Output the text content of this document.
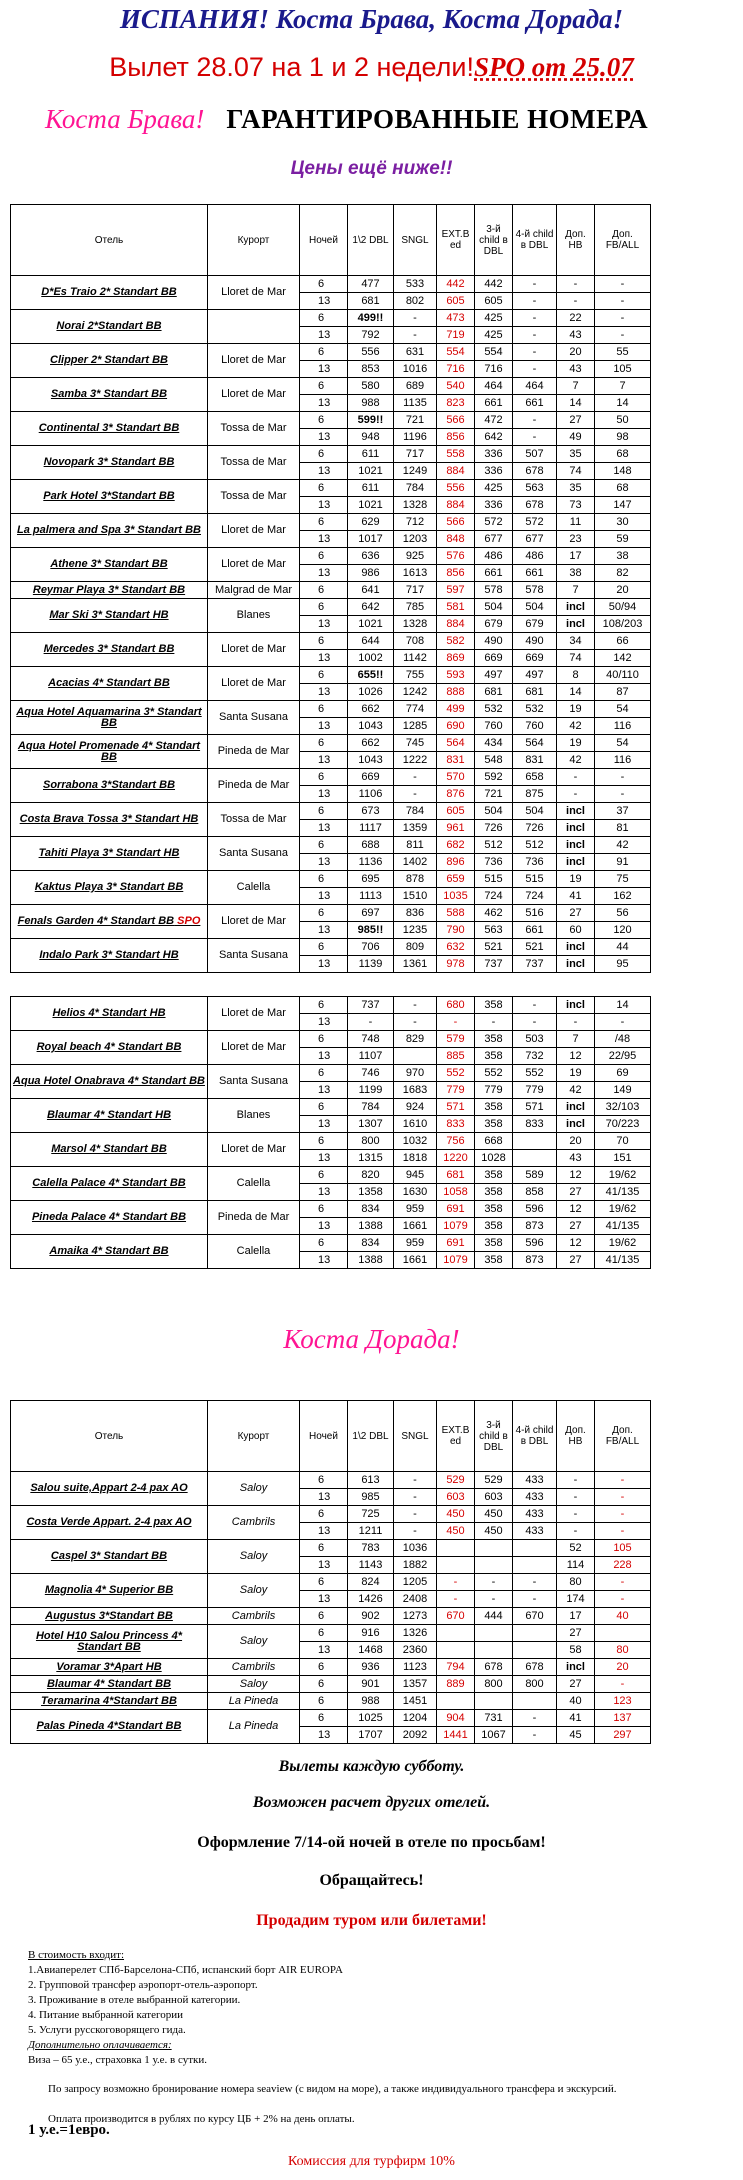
ИСПАНИЯ! Коста Брава, Коста Дорада!
Вылет 28.07 на 1 и 2 недели!SPO от 25.07
Коста Брава! ГАРАНТИРОВАННЫЕ НОМЕРА
Цены ещё ниже!!
Отель	Курорт	Ночей	1\2 DBL	SNGL	EXT.B ed	3-й child в DBL	4-й child в DBL	Доп. HB	Доп. FB/ALL
D*Es Traio 2* Standart BB	Lloret de Mar	6	477	533	442	442	-	-	-
		13	681	802	605	605	-	-	-
Norai 2*Standart BB		6	499!!	-	473	425	-	22	-
		13	792	-	719	425	-	43	-
Clipper 2* Standart BB	Lloret de Mar	6	556	631	554	554	-	20	55
		13	853	1016	716	716	-	43	105
Samba 3* Standart BB	Lloret de Mar	6	580	689	540	464	464	7	7
		13	988	1135	823	661	661	14	14
Continental 3* Standart BB	Tossa de Mar	6	599!!	721	566	472	-	27	50
		13	948	1196	856	642	-	49	98
Novopark 3* Standart BB	Tossa de Mar	6	611	717	558	336	507	35	68
		13	1021	1249	884	336	678	74	148
Park Hotel 3*Standart BB	Tossa de Mar	6	611	784	556	425	563	35	68
		13	1021	1328	884	336	678	73	147
La palmera and Spa 3* Standart BB	Lloret de Mar	6	629	712	566	572	572	11	30
		13	1017	1203	848	677	677	23	59
Athene 3* Standart BB	Lloret de Mar	6	636	925	576	486	486	17	38
		13	986	1613	856	661	661	38	82
Reymar Playa 3* Standart BB	Malgrad de Mar	6	641	717	597	578	578	7	20
Mar Ski 3* Standart HB	Blanes	6	642	785	581	504	504	incl	50/94
		13	1021	1328	884	679	679	incl	108/203
Mercedes 3* Standart BB	Lloret de Mar	6	644	708	582	490	490	34	66
		13	1002	1142	869	669	669	74	142
Acacias 4* Standart BB	Lloret de Mar	6	655!!	755	593	497	497	8	40/110
		13	1026	1242	888	681	681	14	87
Aqua Hotel Aquamarina 3* Standart BB	Santa Susana	6	662	774	499	532	532	19	54
		13	1043	1285	690	760	760	42	116
Aqua Hotel Promenade 4* Standart BB	Pineda de Mar	6	662	745	564	434	564	19	54
		13	1043	1222	831	548	831	42	116
Sorrabona 3*Standart BB	Pineda de Mar	6	669	-	570	592	658	-	-
		13	1106	-	876	721	875	-	-
Costa Brava Tossa 3* Standart HB	Tossa de Mar	6	673	784	605	504	504	incl	37
		13	1117	1359	961	726	726	incl	81
Tahiti Playa 3* Standart HB	Santa Susana	6	688	811	682	512	512	incl	42
		13	1136	1402	896	736	736	incl	91
Kaktus Playa 3* Standart BB	Calella	6	695	878	659	515	515	19	75
		13	1113	1510	1035	724	724	41	162
Fenals Garden 4* Standart BB SPO	Lloret de Mar	6	697	836	588	462	516	27	56
		13	985!!	1235	790	563	661	60	120
Indalo Park 3* Standart HB	Santa Susana	6	706	809	632	521	521	incl	44
		13	1139	1361	978	737	737	incl	95
Helios 4* Standart HB	Lloret de Mar	6	737	-	680	358	-	incl	14
		13	-	-	-	-	-	-	-
Royal beach 4* Standart BB	Lloret de Mar	6	748	829	579	358	503	7	/48
		13	1107		885	358	732	12	22/95
Aqua Hotel Onabrava 4* Standart BB	Santa Susana	6	746	970	552	552	552	19	69
		13	1199	1683	779	779	779	42	149
Blaumar 4* Standart HB	Blanes	6	784	924	571	358	571	incl	32/103
		13	1307	1610	833	358	833	incl	70/223
Marsol 4* Standart BB	Lloret de Mar	6	800	1032	756	668		20	70
		13	1315	1818	1220	1028		43	151
Calella Palace 4* Standart BB	Calella	6	820	945	681	358	589	12	19/62
		13	1358	1630	1058	358	858	27	41/135
Pineda Palace 4* Standart BB	Pineda de Mar	6	834	959	691	358	596	12	19/62
		13	1388	1661	1079	358	873	27	41/135
Amaika 4* Standart BB	Calella	6	834	959	691	358	596	12	19/62
		13	1388	1661	1079	358	873	27	41/135
Коста Дорада!
Отель	Курорт	Ночей	1\2 DBL	SNGL	EXT.B ed	3-й child в DBL	4-й child в DBL	Доп. HB	Доп. FB/ALL
Salou suite,Appart 2-4 pax AO	Saloy	6	613	-	529	529	433	-	-
		13	985	-	603	603	433	-	-
Costa Verde Appart. 2-4 pax AO	Cambrils	6	725	-	450	450	433	-	-
		13	1211	-	450	450	433	-	-
Caspel 3* Standart BB	Saloy	6	783	1036				52	105
		13	1143	1882				114	228
Magnolia 4* Superior BB	Saloy	6	824	1205	-	-	-	80	-
		13	1426	2408	-	-	-	174	-
Augustus 3*Standart BB	Cambrils	6	902	1273	670	444	670	17	40
Hotel H10 Salou Princess 4* Standart BB	Saloy	6	916	1326				27	
		13	1468	2360				58	80
Voramar 3*Apart HB	Cambrils	6	936	1123	794	678	678	incl	20
Blaumar 4* Standart BB	Saloy	6	901	1357	889	800	800	27	-
Teramarina 4*Standart BB	La Pineda	6	988	1451				40	123
Palas Pineda 4*Standart BB	La Pineda	6	1025	1204	904	731	-	41	137
		13	1707	2092	1441	1067	-	45	297
Вылеты каждую субботу.
Возможен расчет других отелей.
Оформление 7/14-ой ночей в отеле по просьбам!
Обращайтесь!
Продадим туром или билетами!
В стоимость входит:
1.Авиаперелет СПб-Барселона-СПб, испанский борт AIR EUROPA
2. Групповой трансфер аэропорт-отель-аэропорт.
3. Проживание в отеле выбранной категории.
4. Питание выбранной категории
5. Услуги русскоговорящего гида.
Дополнительно оплачивается:
Виза – 65 у.е., страховка 1 у.е. в сутки.
По запросу возможно бронирование номера seaview (с видом на море), а также индивидуального трансфера и экскурсий.
Оплата производится в рублях по курсу ЦБ + 2% на день оплаты.
1 у.е.=1евро.
Комиссия для турфирм 10%
